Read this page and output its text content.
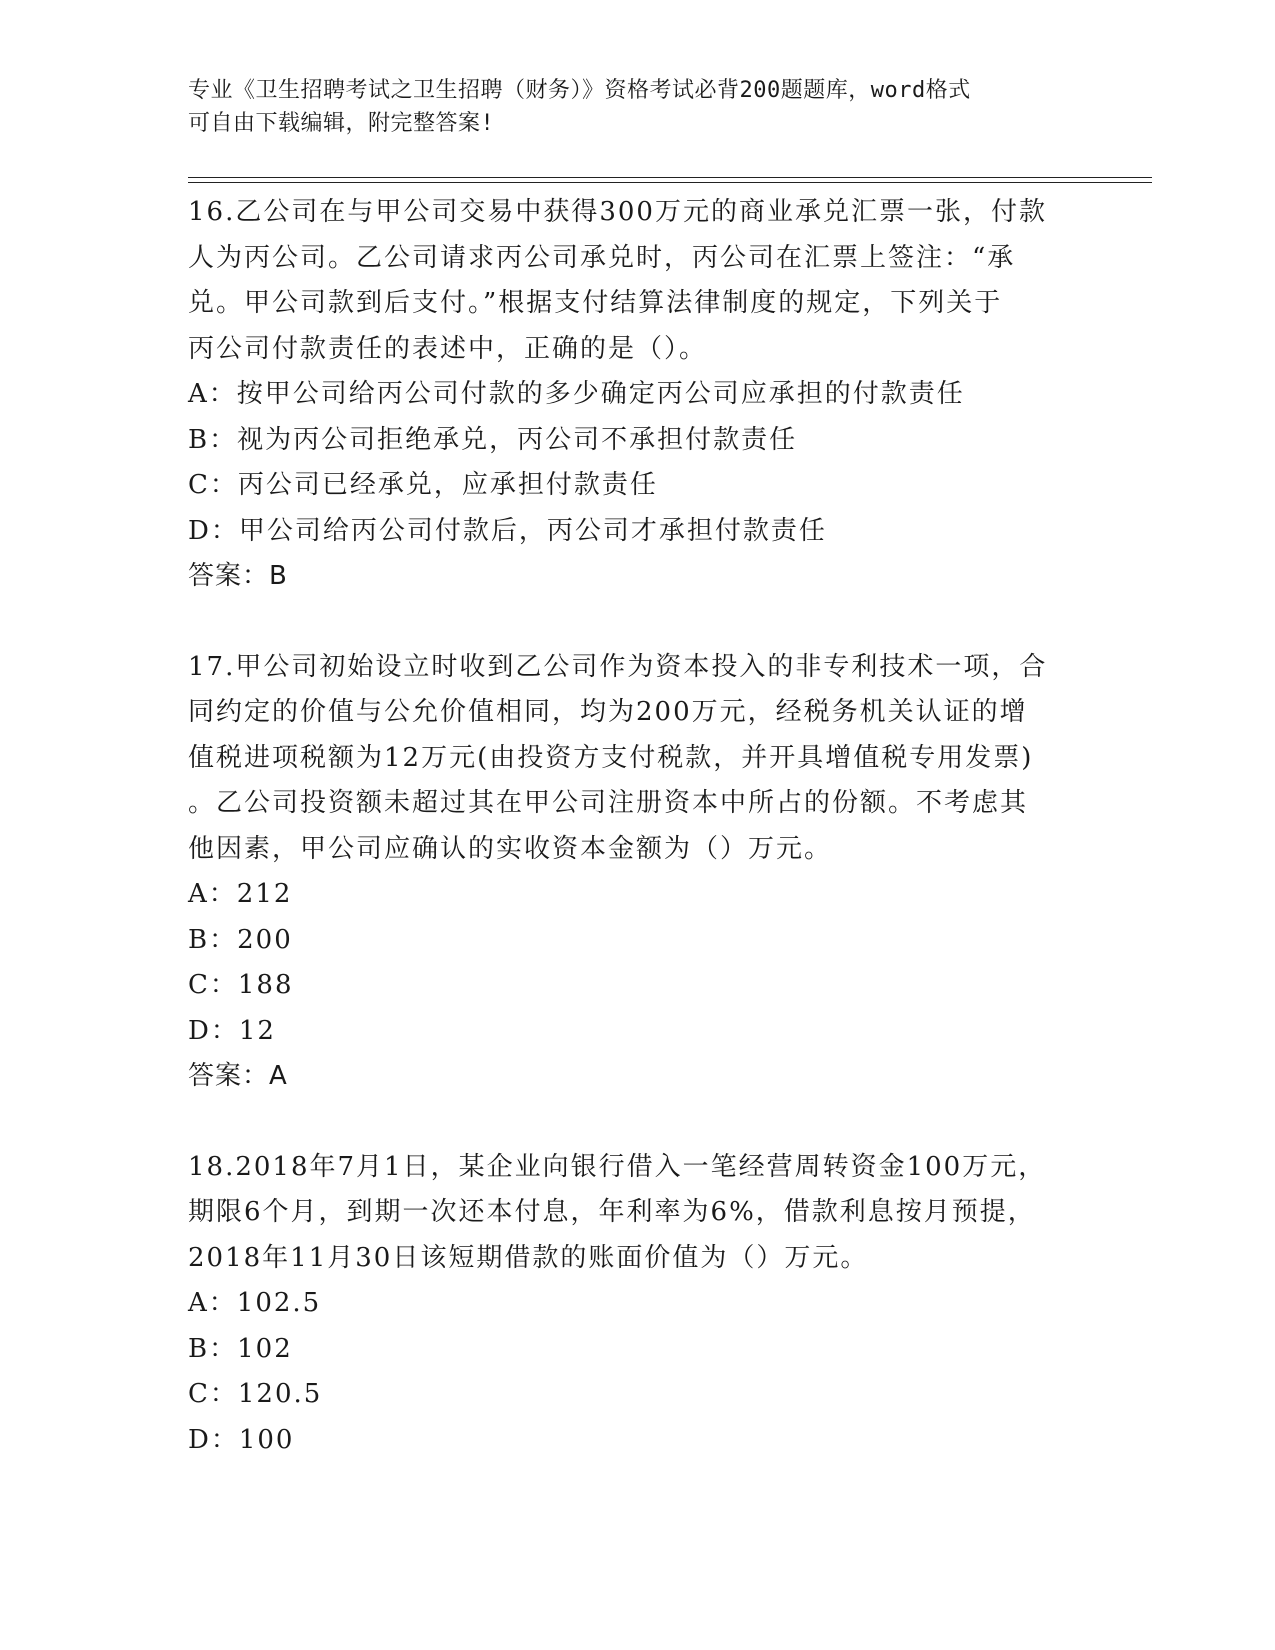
专业《卫生招聘考试之卫生招聘（财务）》资格考试必背200题题库，word格式
可自由下载编辑，附完整答案!
16.乙公司在与甲公司交易中获得300万元的商业承兑汇票一张，付款
人为丙公司。乙公司请求丙公司承兑时，丙公司在汇票上签注：“承
兑。甲公司款到后支付。”根据支付结算法律制度的规定，下列关于
丙公司付款责任的表述中，正确的是（）。
A：按甲公司给丙公司付款的多少确定丙公司应承担的付款责任
B：视为丙公司拒绝承兑，丙公司不承担付款责任
C：丙公司已经承兑，应承担付款责任
D：甲公司给丙公司付款后，丙公司才承担付款责任
答案：B
17.甲公司初始设立时收到乙公司作为资本投入的非专利技术一项，合
同约定的价值与公允价值相同，均为200万元，经税务机关认证的增
值税进项税额为12万元(由投资方支付税款，并开具增值税专用发票)
。乙公司投资额未超过其在甲公司注册资本中所占的份额。不考虑其
他因素，甲公司应确认的实收资本金额为（）万元。
A：212
B：200
C：188
D：12
答案：A
18.2018年7月1日，某企业向银行借入一笔经营周转资金100万元，
期限6个月，到期一次还本付息，年利率为6%，借款利息按月预提，
2018年11月30日该短期借款的账面价值为（）万元。
A：102.5
B：102
C：120.5
D：100
